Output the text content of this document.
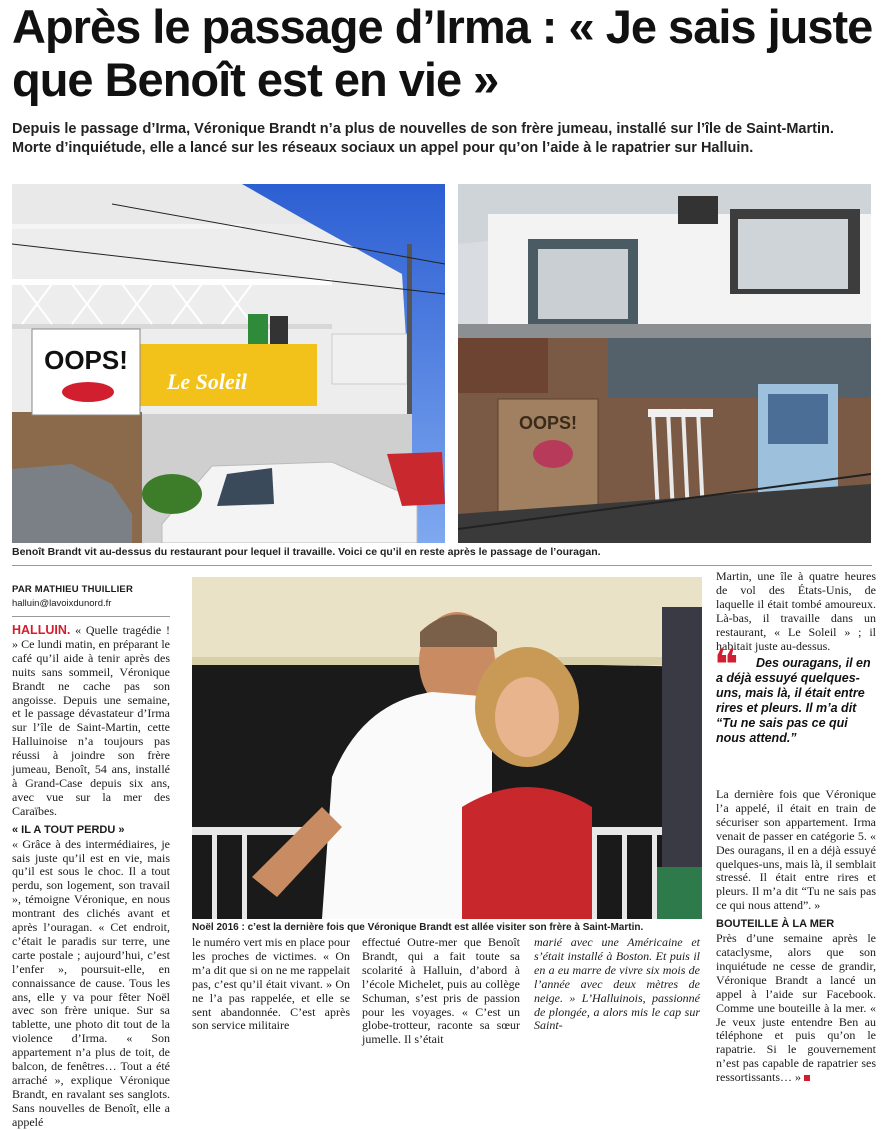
Après le passage d’Irma : « Je sais juste que Benoît est en vie »
Depuis le passage d’Irma, Véronique Brandt n’a plus de nouvelles de son frère jumeau, installé sur l’île de Saint-Martin. Morte d’inquiétude, elle a lancé sur les réseaux sociaux un appel pour qu’on l’aide à le rapatrier sur Halluin.
Le Soleil
OOPS!
OOPS!
Benoît Brandt vit au-dessus du restaurant pour lequel il travaille. Voici ce qu’il en reste après le passage de l’ouragan.
PAR MATHIEU THUILLIER
halluin@lavoixdunord.fr

HALLUIN. « Quelle tragédie ! » Ce lundi matin, en préparant le café qu’il aide à tenir après des nuits sans sommeil, Véronique Brandt ne cache pas son angoisse. Depuis une semaine, et le passage dévastateur d’Irma sur l’île de Saint-Martin, cette Halluinoise n’a toujours pas réussi à joindre son frère jumeau, Benoît, 54 ans, installé à Grand-Case depuis six ans, avec vue sur la mer des Caraïbes.

« IL A TOUT PERDU »

« Grâce à des intermédiaires, je sais juste qu’il est en vie, mais qu’il est sous le choc. Il a tout perdu, son logement, son travail », témoigne Véronique, en nous montrant des clichés avant et après l’ouragan. « Cet endroit, c’était le paradis sur terre, une carte postale ; aujourd’hui, c’est l’enfer », poursuit-elle, en connaissance de cause. Tous les ans, elle y va pour fêter Noël avec son frère unique. Sur sa tablette, une photo dit tout de la violence d’Irma. « Son appartement n’a plus de toit, de balcon, de fenêtres… Tout a été arraché », explique Véronique Brandt, en ravalant ses sanglots. Sans nouvelles de Benoît, elle a appelé

Noël 2016 : c’est la dernière fois que Véronique Brandt est allée visiter son frère à Saint-Martin.

le numéro vert mis en place pour les proches de victimes. « On m’a dit que si on ne me rappelait pas, c’est qu’il était vivant. » On ne l’a pas rappelée, et elle se sent abandonnée. C’est après son service militaire

effectué Outre-mer que Benoît Brandt, qui a fait toute sa scolarité à Halluin, d’abord à l’école Michelet, puis au collège Schuman, s’est pris de passion pour les voyages. « C’est un globe-trotteur, raconte sa sœur jumelle. Il s’était

marié avec une Américaine et s’était installé à Boston. Et puis il en a eu marre de vivre six mois de l’année avec deux mètres de neige. » L’Halluinois, passionné de plongée, a alors mis le cap sur Saint-

Martin, une île à quatre heures de vol des États-Unis, de laquelle il était tombé amoureux. Là-bas, il travaille dans un restaurant, « Le Soleil » ; il habitait juste au-dessus.

❝	Des ouragans, il en a déjà essuyé quelques-uns, mais là, il était entre rires et pleurs. Il m’a dit “Tu ne sais pas ce qui nous attend.”

La dernière fois que Véronique l’a appelé, il était en train de sécuriser son appartement. Irma venait de passer en catégorie 5. « Des ouragans, il en a déjà essuyé quelques-uns, mais là, il semblait stressé. Il était entre rires et pleurs. Il m’a dit “Tu ne sais pas ce qui nous attend”. »

BOUTEILLE À LA MER

Près d’une semaine après le cataclysme, alors que son inquiétude ne cesse de grandir, Véronique Brandt a lancé un appel à l’aide sur Facebook. Comme une bouteille à la mer. « Je veux juste entendre Ben au téléphone et puis qu’on le rapatrie. Si le gouvernement n’est pas capable de rapatrier ses ressortissants… »
